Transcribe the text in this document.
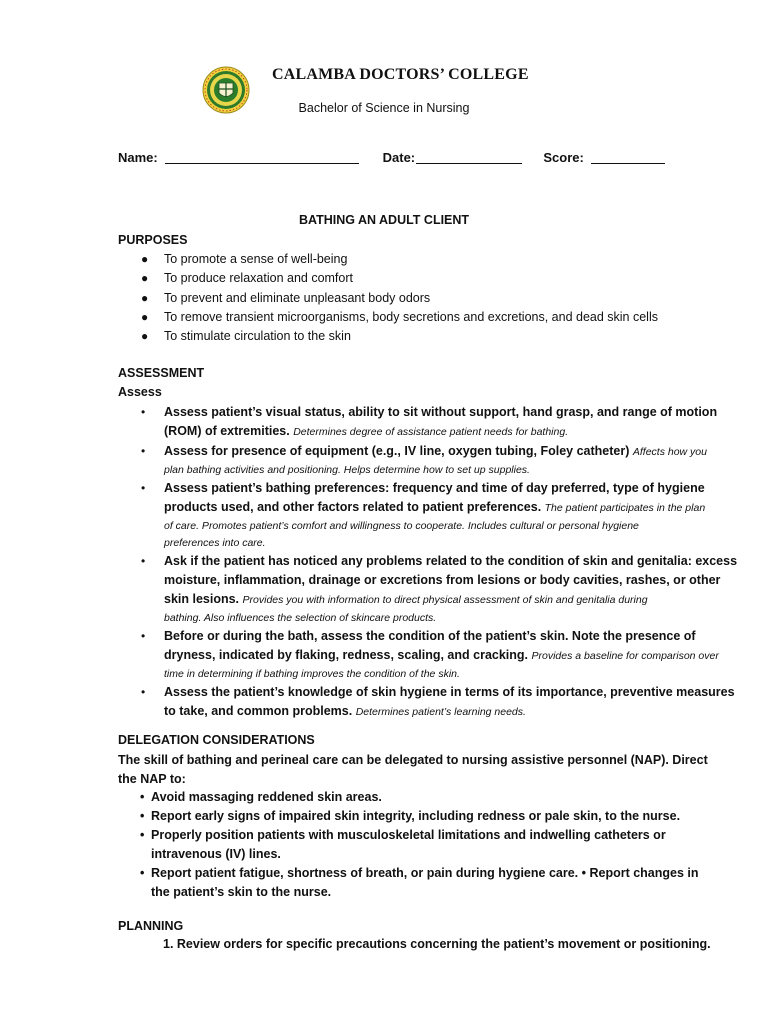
CALAMBA DOCTORS’ COLLEGE
Bachelor of Science in Nursing
Name:	Date:	Score:
BATHING AN ADULT CLIENT
PURPOSES
● To promote a sense of well-being
● To produce relaxation and comfort
● To prevent and eliminate unpleasant body odors
● To remove transient microorganisms, body secretions and excretions, and dead skin cells
● To stimulate circulation to the skin
ASSESSMENT
Assess
• Assess patient’s visual status, ability to sit without support, hand grasp, and range of motion
(ROM) of extremities. Determines degree of assistance patient needs for bathing.
• Assess for presence of equipment (e.g., IV line, oxygen tubing, Foley catheter) Affects how you
plan bathing activities and positioning. Helps determine how to set up supplies.
• Assess patient’s bathing preferences: frequency and time of day preferred, type of hygiene
products used, and other factors related to patient preferences. The patient participates in the plan
of care. Promotes patient’s comfort and willingness to cooperate. Includes cultural or personal hygiene
preferences into care.
• Ask if the patient has noticed any problems related to the condition of skin and genitalia: excess
moisture, inflammation, drainage or excretions from lesions or body cavities, rashes, or other
skin lesions. Provides you with information to direct physical assessment of skin and genitalia during
bathing. Also influences the selection of skincare products.
• Before or during the bath, assess the condition of the patient’s skin. Note the presence of
dryness, indicated by flaking, redness, scaling, and cracking. Provides a baseline for comparison over
time in determining if bathing improves the condition of the skin.
• Assess the patient’s knowledge of skin hygiene in terms of its importance, preventive measures
to take, and common problems. Determines patient’s learning needs.
DELEGATION CONSIDERATIONS
The skill of bathing and perineal care can be delegated to nursing assistive personnel (NAP). Direct the NAP to:
• Avoid massaging reddened skin areas.
• Report early signs of impaired skin integrity, including redness or pale skin, to the nurse.
• Properly position patients with musculoskeletal limitations and indwelling catheters or intravenous (IV) lines.
• Report patient fatigue, shortness of breath, or pain during hygiene care. • Report changes in the patient’s skin to the nurse.
PLANNING
1. Review orders for specific precautions concerning the patient’s movement or positioning.
